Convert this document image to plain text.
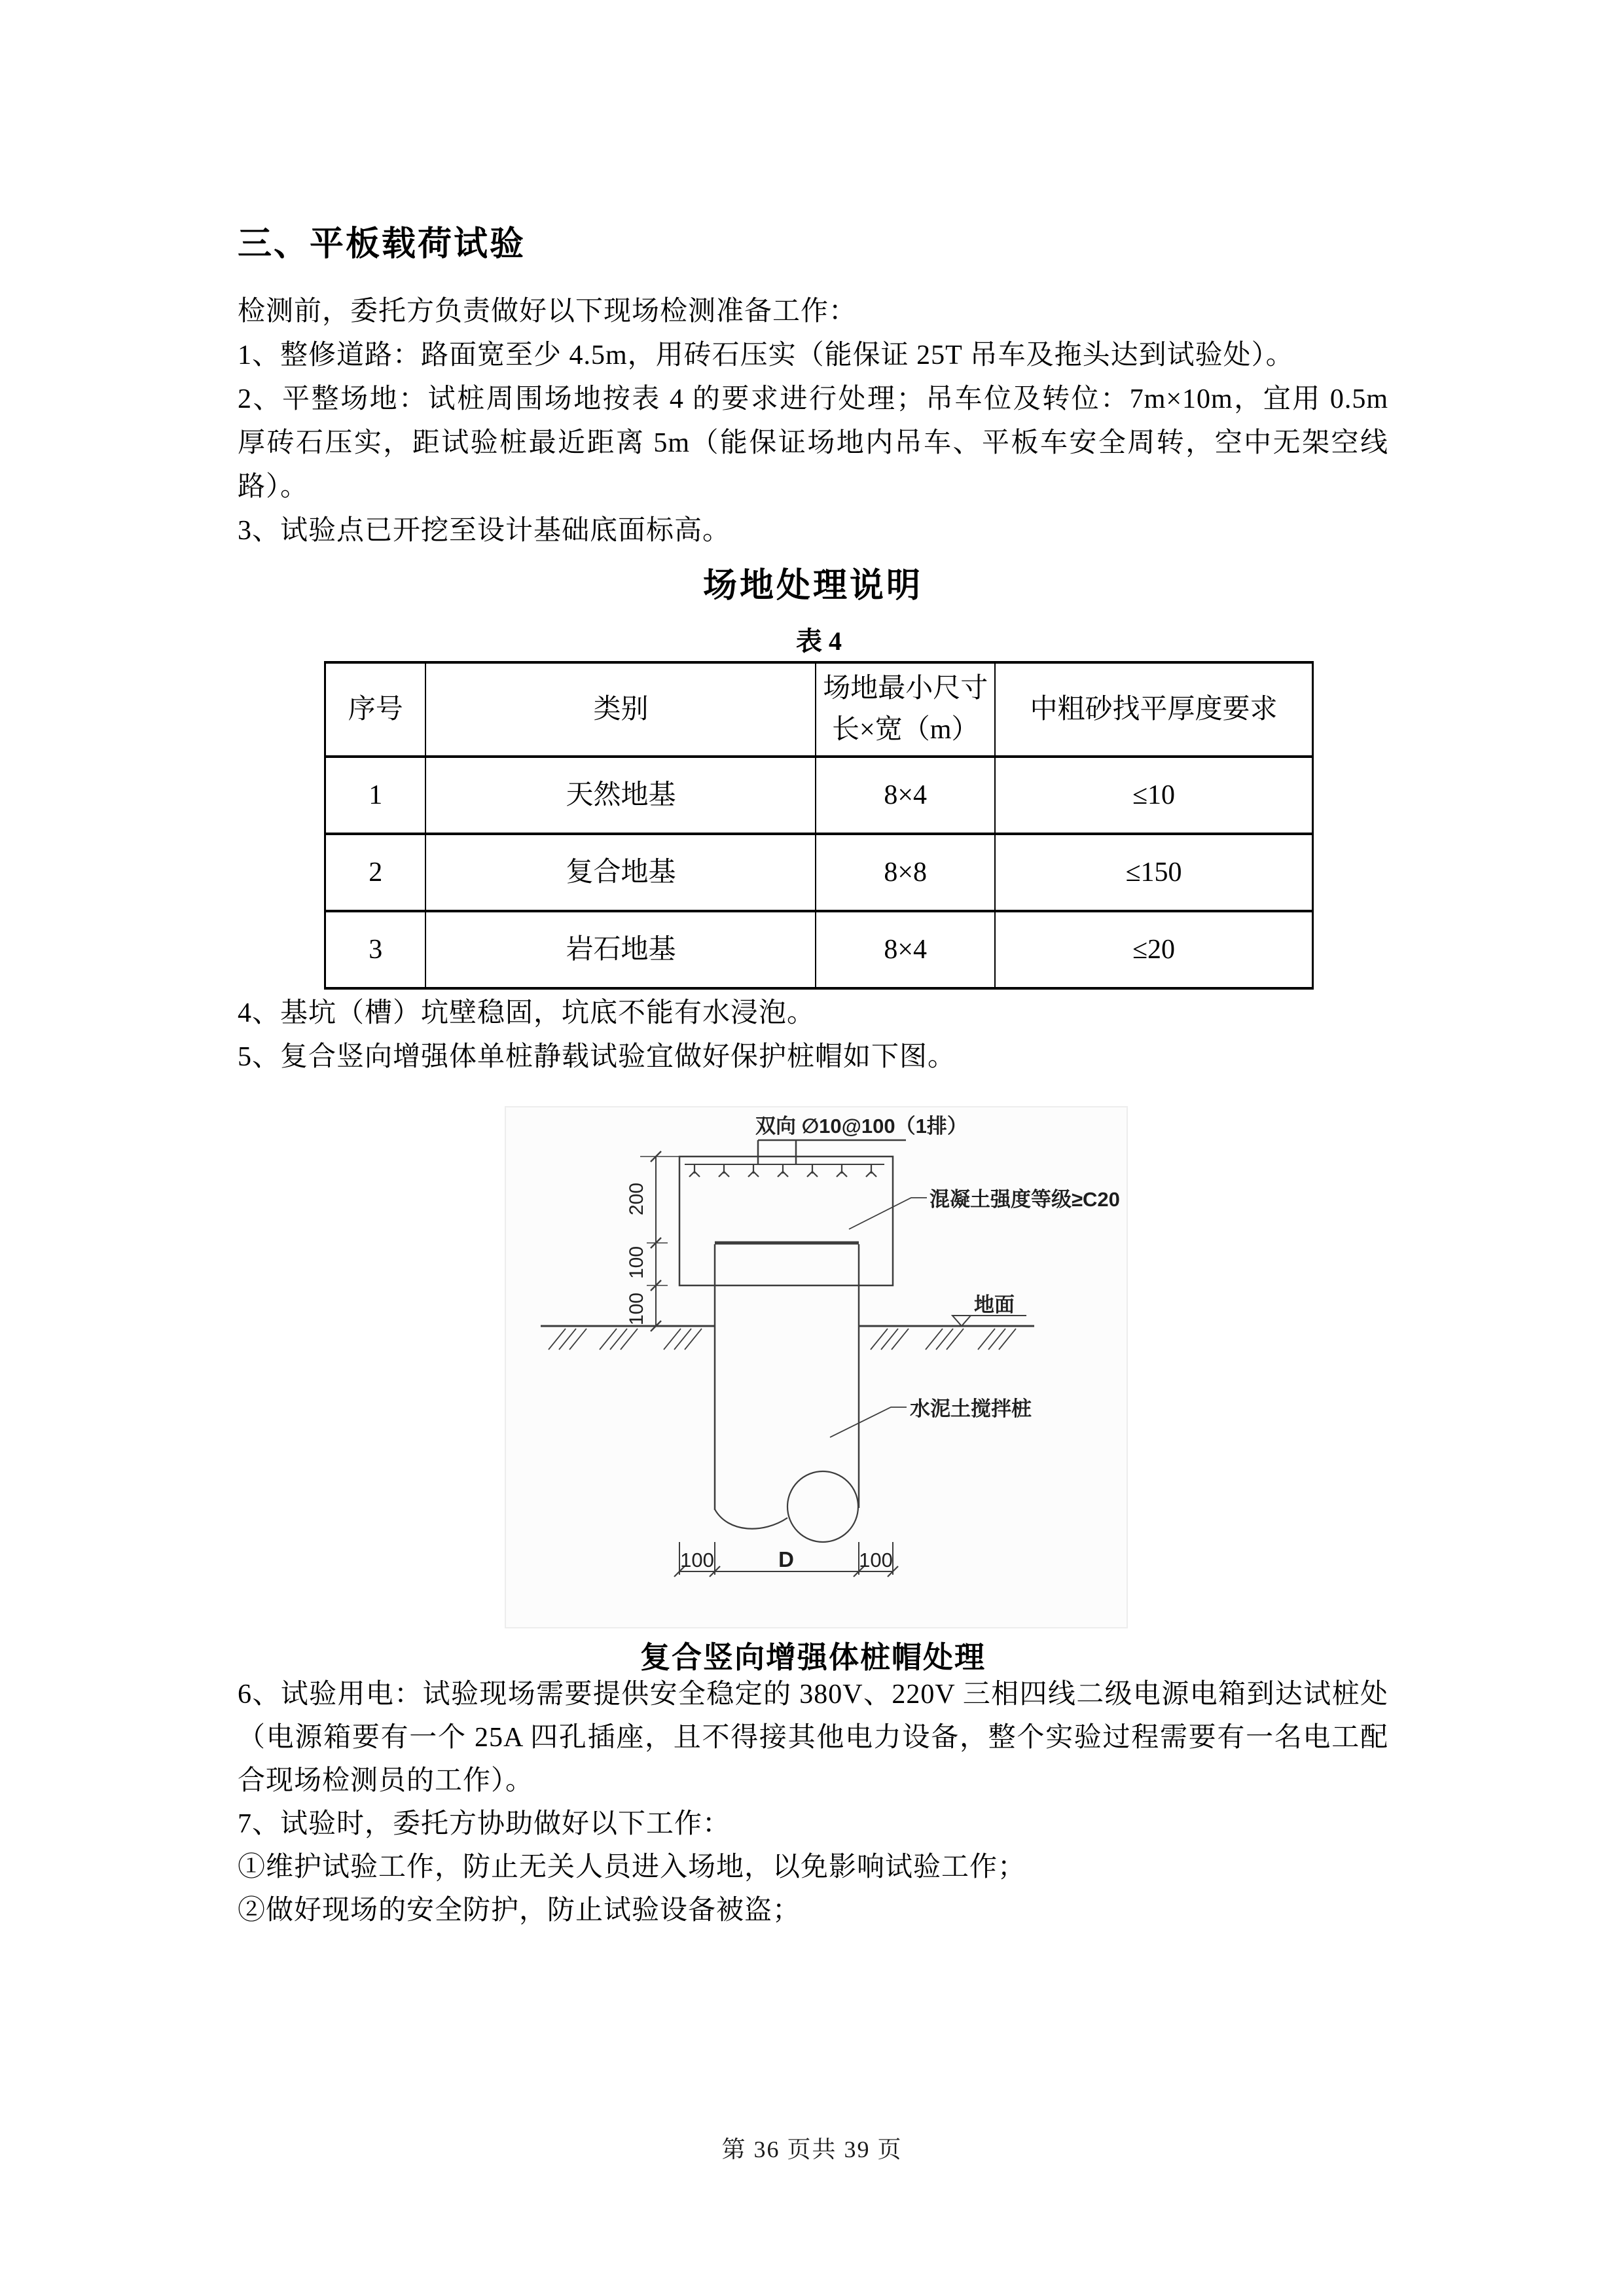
三、平板载荷试验
检测前，委托方负责做好以下现场检测准备工作：
1、整修道路：路面宽至少 4.5m，用砖石压实（能保证 25T 吊车及拖头达到试验处）。
2、平整场地：试桩周围场地按表 4 的要求进行处理；吊车位及转位：7m×10m，宜用 0.5m
厚砖石压实，距试验桩最近距离 5m（能保证场地内吊车、平板车安全周转，空中无架空线
路）。
3、试验点已开挖至设计基础底面标高。
场地处理说明
表 4
序号	类别	场地最小尺寸长×宽（m）	中粗砂找平厚度要求
1	天然地基	8×4	≤10
2	复合地基	8×8	≤150
3	岩石地基	8×4	≤20
4、基坑（槽）坑壁稳固，坑底不能有水浸泡。
5、复合竖向增强体单桩静载试验宜做好保护桩帽如下图。
双向 ∅10@100（1排）
混凝土强度等级≥C20
地面
水泥土搅拌桩
200
100
100
100	D	100
复合竖向增强体桩帽处理
6、试验用电：试验现场需要提供安全稳定的 380V、220V 三相四线二级电源电箱到达试桩处
（电源箱要有一个 25A 四孔插座，且不得接其他电力设备，整个实验过程需要有一名电工配
合现场检测员的工作）。
7、试验时，委托方协助做好以下工作：
①维护试验工作，防止无关人员进入场地，以免影响试验工作；
②做好现场的安全防护，防止试验设备被盗；
第 36 页共 39 页
